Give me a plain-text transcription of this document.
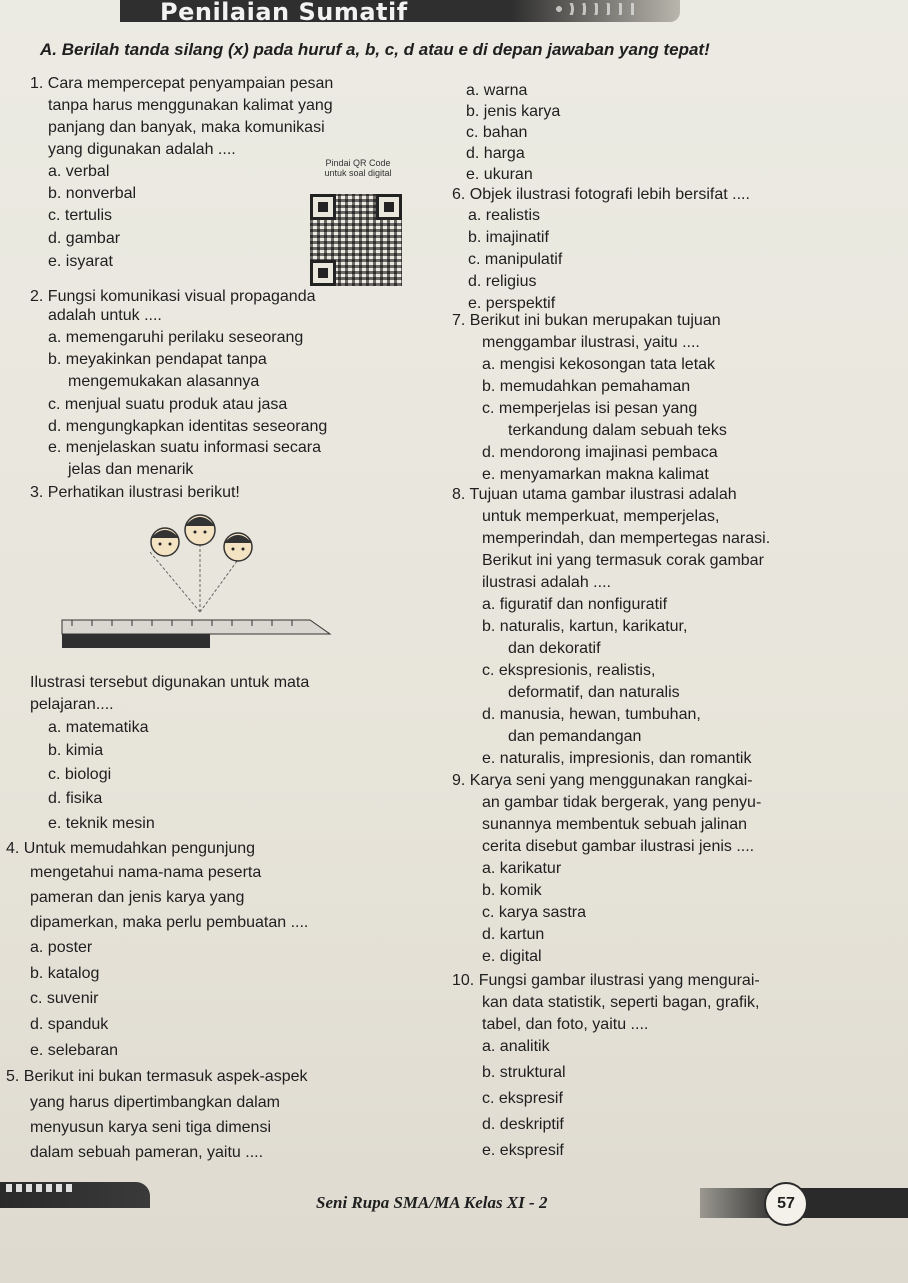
Penilaian Sumatif
A. Berilah tanda silang (x) pada huruf a, b, c, d atau e di depan jawaban yang tepat!
1. Cara mempercepat penyampaian pesan
tanpa harus menggunakan kalimat yang
panjang dan banyak, maka komunikasi
yang digunakan adalah ....
a. verbal
b. nonverbal
c. tertulis
d. gambar
e. isyarat
Pindai QR Code
untuk soal digital
2. Fungsi komunikasi visual propaganda
adalah untuk ....
a. memengaruhi perilaku seseorang
b. meyakinkan pendapat tanpa
mengemukakan alasannya
c. menjual suatu produk atau jasa
d. mengungkapkan identitas seseorang
e. menjelaskan suatu informasi secara
jelas dan menarik
3. Perhatikan ilustrasi berikut!
Ilustrasi tersebut digunakan untuk mata
pelajaran....
a. matematika
b. kimia
c. biologi
d. fisika
e. teknik mesin
4. Untuk memudahkan pengunjung
mengetahui nama-nama peserta
pameran dan jenis karya yang
dipamerkan, maka perlu pembuatan ....
a. poster
b. katalog
c. suvenir
d. spanduk
e. selebaran
5. Berikut ini bukan termasuk aspek-aspek
yang harus dipertimbangkan dalam
menyusun karya seni tiga dimensi
dalam sebuah pameran, yaitu ....
a. warna
b. jenis karya
c. bahan
d. harga
e. ukuran
6. Objek ilustrasi fotografi lebih bersifat ....
a. realistis
b. imajinatif
c. manipulatif
d. religius
e. perspektif
7. Berikut ini bukan merupakan tujuan
menggambar ilustrasi, yaitu ....
a. mengisi kekosongan tata letak
b. memudahkan pemahaman
c. memperjelas isi pesan yang
terkandung dalam sebuah teks
d. mendorong imajinasi pembaca
e. menyamarkan makna kalimat
8. Tujuan utama gambar ilustrasi adalah
untuk memperkuat, memperjelas,
memperindah, dan mempertegas narasi.
Berikut ini yang termasuk corak gambar
ilustrasi adalah ....
a. figuratif dan nonfiguratif
b. naturalis, kartun, karikatur,
dan dekoratif
c. ekspresionis, realistis,
deformatif, dan naturalis
d. manusia, hewan, tumbuhan,
dan pemandangan
e. naturalis, impresionis, dan romantik
9. Karya seni yang menggunakan rangkai-
an gambar tidak bergerak, yang penyu-
sunannya membentuk sebuah jalinan
cerita disebut gambar ilustrasi jenis ....
a. karikatur
b. komik
c. karya sastra
d. kartun
e. digital
10. Fungsi gambar ilustrasi yang mengurai-
kan data statistik, seperti bagan, grafik,
tabel, dan foto, yaitu ....
a. analitik
b. struktural
c. ekspresif
d. deskriptif
e. ekspresif
Seni Rupa SMA/MA Kelas XI - 2	57
